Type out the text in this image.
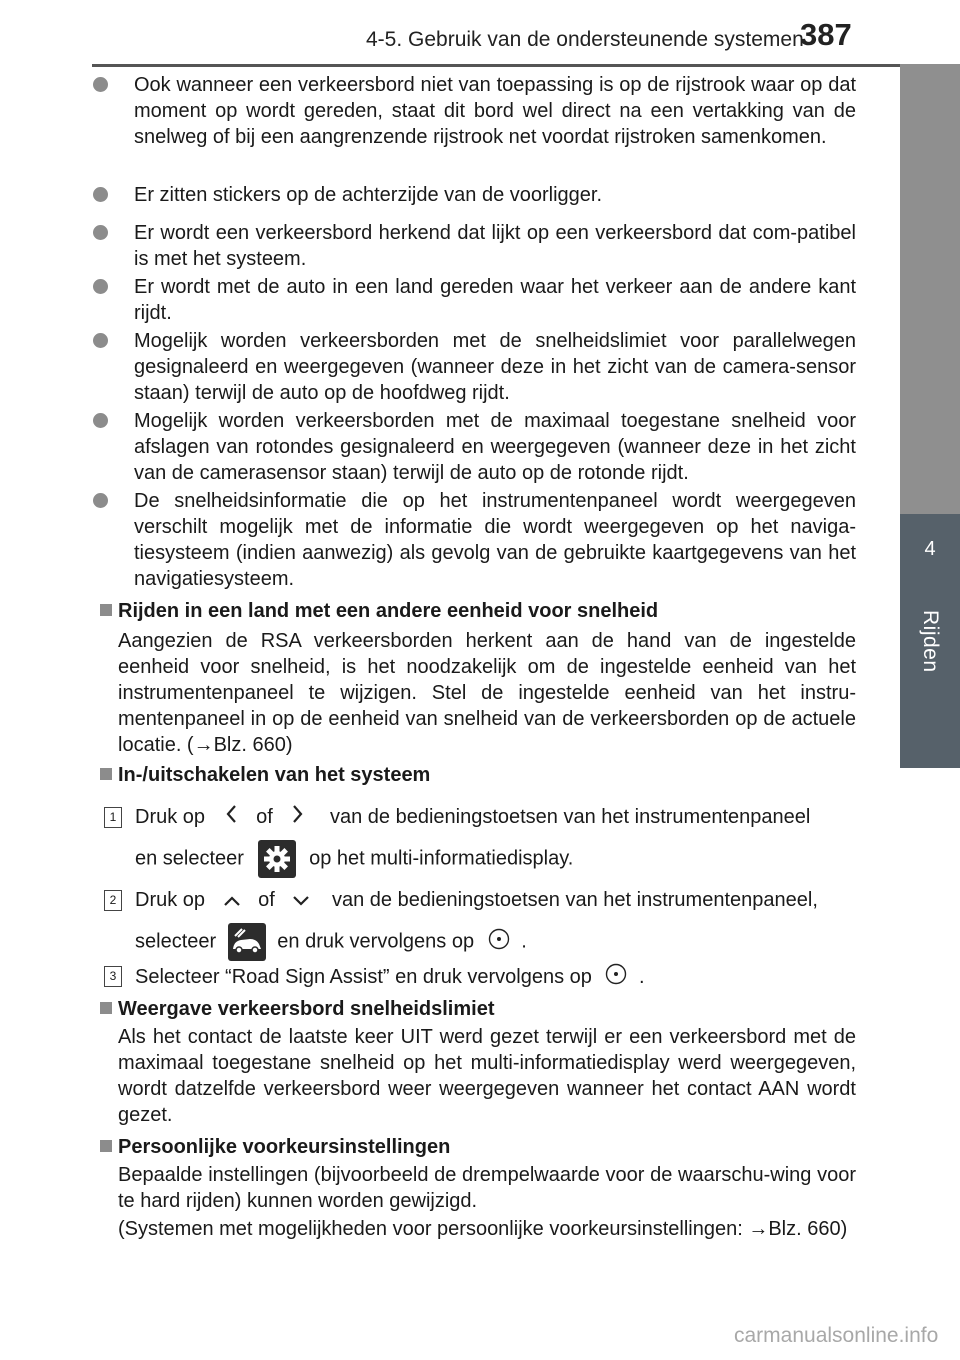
4-5. Gebruik van de ondersteunende systemen
387
4
Rijden
Ook wanneer een verkeersbord niet van toepassing is op de rijstrook waar op dat moment op wordt gereden, staat dit bord wel direct na een vertakking van de snelweg of bij een aangrenzende rijstrook net voordat rijstroken samenkomen.
Er zitten stickers op de achterzijde van de voorligger.
Er wordt een verkeersbord herkend dat lijkt op een verkeersbord dat com-patibel is met het systeem.
Er wordt met de auto in een land gereden waar het verkeer aan de andere kant rijdt.
Mogelijk worden verkeersborden met de snelheidslimiet voor parallelwegen gesignaleerd en weergegeven (wanneer deze in het zicht van de camera-sensor staan) terwijl de auto op de hoofdweg rijdt.
Mogelijk worden verkeersborden met de maximaal toegestane snelheid voor afslagen van rotondes gesignaleerd en weergegeven (wanneer deze in het zicht van de camerasensor staan) terwijl de auto op de rotonde rijdt.
De snelheidsinformatie die op het instrumentenpaneel wordt weergegeven verschilt mogelijk met de informatie die wordt weergegeven op het naviga-tiesysteem (indien aanwezig) als gevolg van de gebruikte kaartgegevens van het navigatiesysteem.
Rijden in een land met een andere eenheid voor snelheid
Aangezien de RSA verkeersborden herkent aan de hand van de ingestelde eenheid voor snelheid, is het noodzakelijk om de ingestelde eenheid van het instrumentenpaneel te wijzigen. Stel de ingestelde eenheid van het instru-mentenpaneel in op de eenheid van snelheid van de verkeersborden op de actuele locatie. (→Blz. 660)
In-/uitschakelen van het systeem
1 Druk op	of	van de bedieningstoetsen van het instrumentenpaneel
en selecteer	op het multi-informatiedisplay.
2 Druk op	of	van de bedieningstoetsen van het instrumentenpaneel,
selecteer	en druk vervolgens op .
3 Selecteer “Road Sign Assist” en druk vervolgens op .
Weergave verkeersbord snelheidslimiet
Als het contact de laatste keer UIT werd gezet terwijl er een verkeersbord met de maximaal toegestane snelheid op het multi-informatiedisplay werd weergegeven, wordt datzelfde verkeersbord weer weergegeven wanneer het contact AAN wordt gezet.
Persoonlijke voorkeursinstellingen
Bepaalde instellingen (bijvoorbeeld de drempelwaarde voor de waarschu-wing voor te hard rijden) kunnen worden gewijzigd.
(Systemen met mogelijkheden voor persoonlijke voorkeursinstellingen: →Blz. 660)
carmanualsonline.info
